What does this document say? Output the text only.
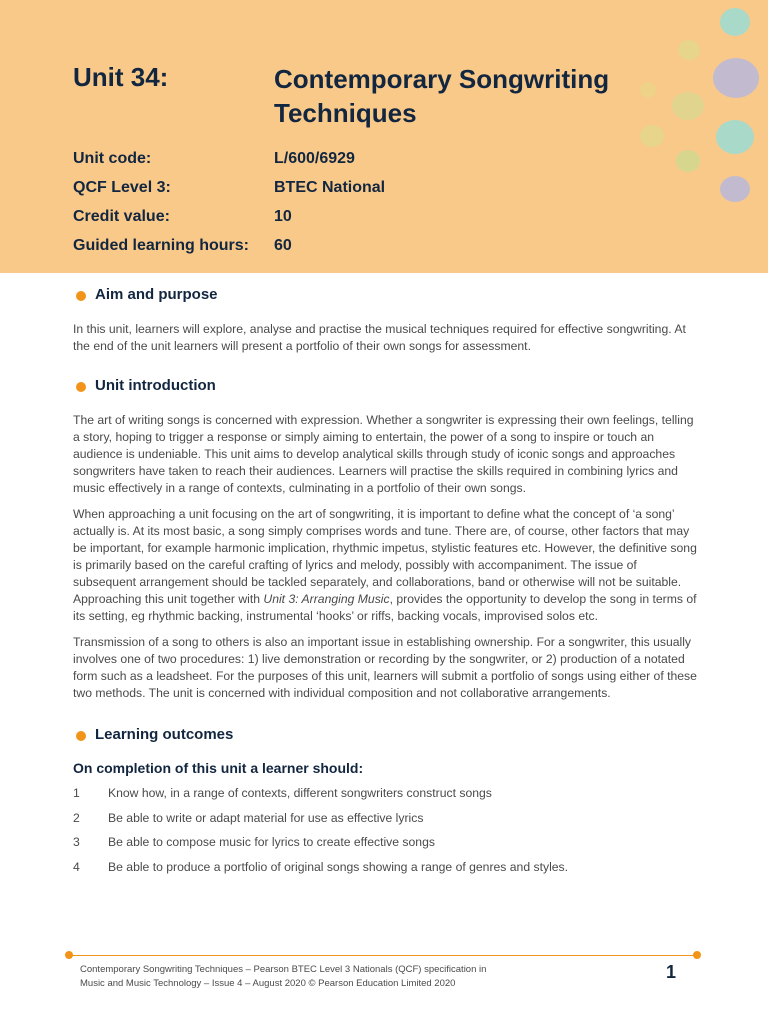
Unit 34:	Contemporary Songwriting Techniques
Unit code:	L/600/6929
QCF Level 3:	BTEC National
Credit value:	10
Guided learning hours: 60
Aim and purpose

In this unit, learners will explore, analyse and practise the musical techniques required for effective songwriting. At the end of the unit learners will present a portfolio of their own songs for assessment.

Unit introduction

The art of writing songs is concerned with expression. Whether a songwriter is expressing their own feelings, telling a story, hoping to trigger a response or simply aiming to entertain, the power of a song to inspire or touch an audience is undeniable. This unit aims to develop analytical skills through study of iconic songs and approaches songwriters have taken to reach their audiences. Learners will practise the skills required in combining lyrics and music effectively in a range of contexts, culminating in a portfolio of their own songs.

When approaching a unit focusing on the art of songwriting, it is important to define what the concept of ‘a song’ actually is. At its most basic, a song simply comprises words and tune. There are, of course, other factors that may be important, for example harmonic implication, rhythmic impetus, stylistic features etc. However, the definitive song is primarily based on the careful crafting of lyrics and melody, possibly with accompaniment. The issue of subsequent arrangement should be tackled separately, and collaborations, band or otherwise will not be suitable. Approaching this unit together with Unit 3: Arranging Music, provides the opportunity to develop the song in terms of its setting, eg rhythmic backing, instrumental ‘hooks’ or riffs, backing vocals, improvised solos etc.

Transmission of a song to others is also an important issue in establishing ownership. For a songwriter, this usually involves one of two procedures: 1) live demonstration or recording by the songwriter, or 2) production of a notated form such as a leadsheet. For the purposes of this unit, learners will submit a portfolio of songs using either of these two methods. The unit is concerned with individual composition and not collaborative arrangements.

Learning outcomes
On completion of this unit a learner should:
1 Know how, in a range of contexts, different songwriters construct songs
2 Be able to write or adapt material for use as effective lyrics
3 Be able to compose music for lyrics to create effective songs
4 Be able to produce a portfolio of original songs showing a range of genres and styles.
Contemporary Songwriting Techniques – Pearson BTEC Level 3 Nationals (QCF) specification in
Music and Music Technology – Issue 4 – August 2020 © Pearson Education Limited 2020
1
